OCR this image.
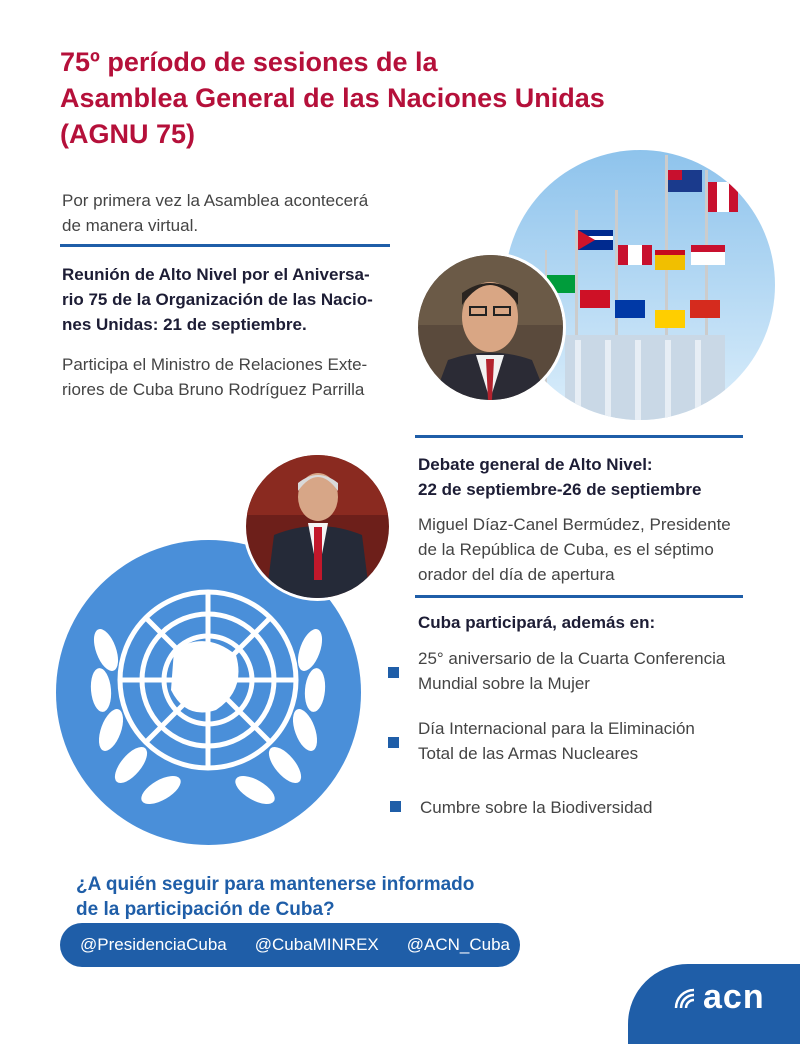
75º período de sesiones de la
Asamblea General de las Naciones Unidas
(AGNU 75)
Por primera vez la Asamblea acontecerá
de manera virtual.
Reunión de Alto Nivel por el Aniversa-
rio 75 de la Organización de las Nacio-
nes Unidas: 21 de septiembre.
Participa el Ministro de Relaciones Exte-
riores de Cuba Bruno Rodríguez Parrilla
Debate general de Alto Nivel:
22 de septiembre-26 de septiembre
Miguel Díaz-Canel Bermúdez, Presidente
de la República de Cuba, es el séptimo
orador del día de apertura
Cuba participará, además en:
25° aniversario de la Cuarta Conferencia
Mundial sobre la Mujer
Día Internacional para la Eliminación
Total de las Armas Nucleares
Cumbre sobre la Biodiversidad
¿A quién seguir para mantenerse informado
de la participación de Cuba?
@PresidenciaCuba @CubaMINREX @ACN_Cuba
acn
